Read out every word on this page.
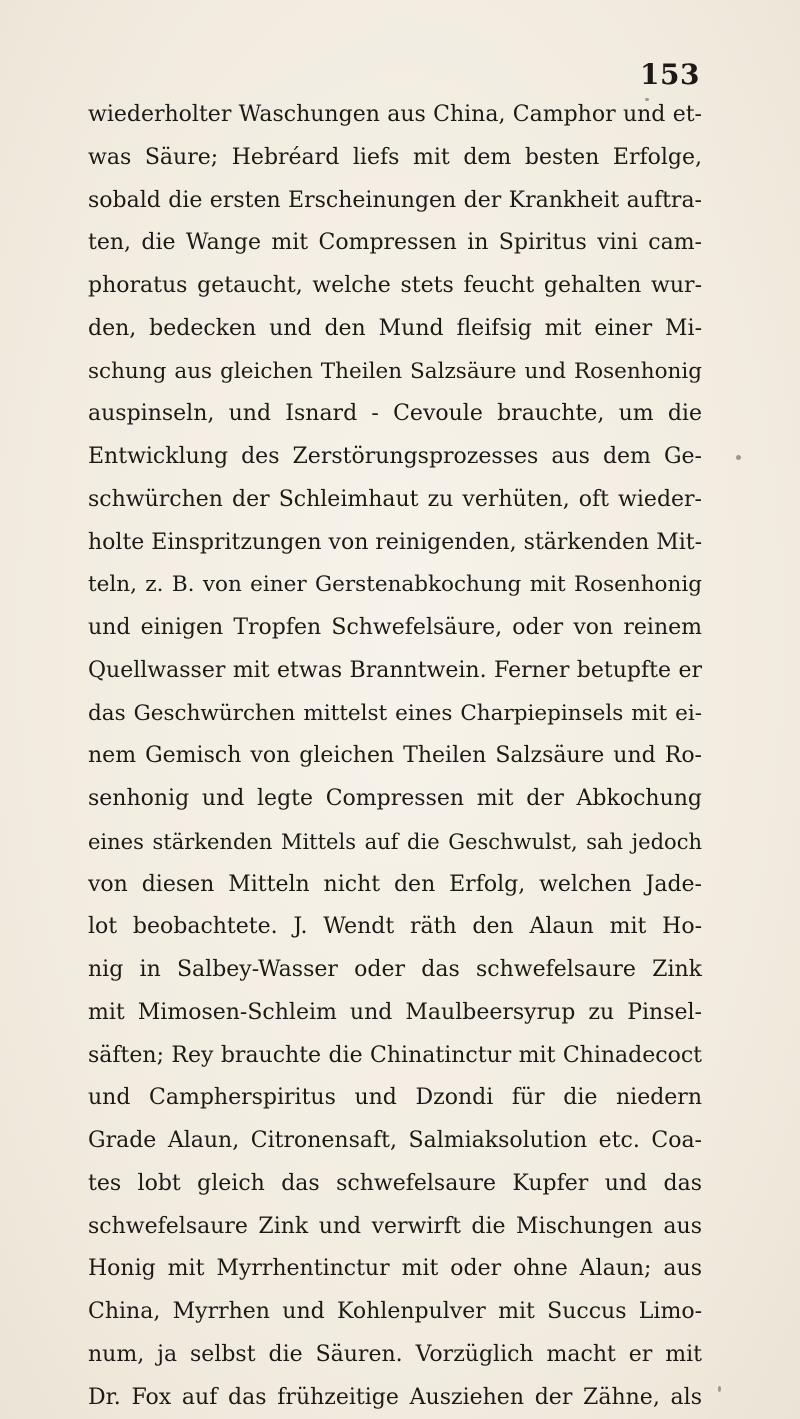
153
wiederholter Waschungen aus China, Camphor und et-
was Säure; Hebréard liefs mit dem besten Erfolge,
sobald die ersten Erscheinungen der Krankheit auftra-
ten, die Wange mit Compressen in Spiritus vini cam-
phoratus getaucht, welche stets feucht gehalten wur-
den, bedecken und den Mund fleifsig mit einer Mi-
schung aus gleichen Theilen Salzsäure und Rosenhonig
auspinseln, und Isnard - Cevoule brauchte, um die
Entwicklung des Zerstörungsprozesses aus dem Ge-
schwürchen der Schleimhaut zu verhüten, oft wieder-
holte Einspritzungen von reinigenden, stärkenden Mit-
teln, z. B. von einer Gerstenabkochung mit Rosenhonig
und einigen Tropfen Schwefelsäure, oder von reinem
Quellwasser mit etwas Branntwein. Ferner betupfte er
das Geschwürchen mittelst eines Charpiepinsels mit ei-
nem Gemisch von gleichen Theilen Salzsäure und Ro-
senhonig und legte Compressen mit der Abkochung
eines stärkenden Mittels auf die Geschwulst, sah jedoch
von diesen Mitteln nicht den Erfolg, welchen Jade-
lot beobachtete. J. Wendt räth den Alaun mit Ho-
nig in Salbey-Wasser oder das schwefelsaure Zink
mit Mimosen-Schleim und Maulbeersyrup zu Pinsel-
säften; Rey brauchte die Chinatinctur mit Chinadecoct
und Campherspiritus und Dzondi für die niedern
Grade Alaun, Citronensaft, Salmiaksolution etc. Coa-
tes lobt gleich das schwefelsaure Kupfer und das
schwefelsaure Zink und verwirft die Mischungen aus
Honig mit Myrrhentinctur mit oder ohne Alaun; aus
China, Myrrhen und Kohlenpulver mit Succus Limo-
num, ja selbst die Säuren. Vorzüglich macht er mit
Dr. Fox auf das frühzeitige Ausziehen der Zähne, als
